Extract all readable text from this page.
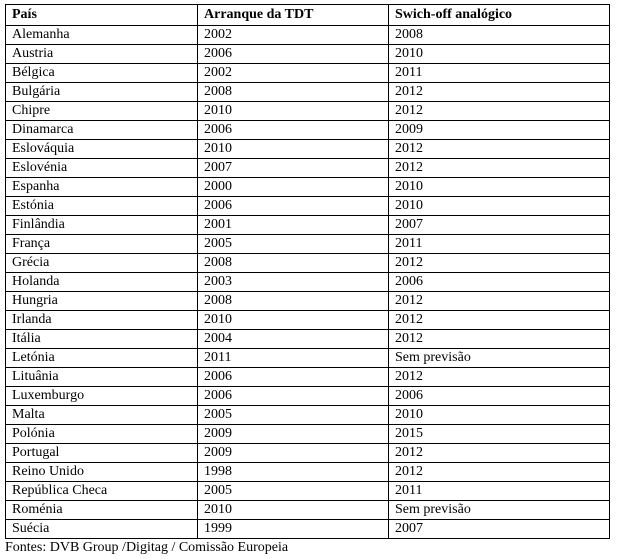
País	Arranque da TDT	Swich-off analógico
Alemanha	2002	2008
Austria	2006	2010
Bélgica	2002	2011
Bulgária	2008	2012
Chipre	2010	2012
Dinamarca	2006	2009
Eslováquia	2010	2012
Eslovénia	2007	2012
Espanha	2000	2010
Estónia	2006	2010
Finlândia	2001	2007
França	2005	2011
Grécia	2008	2012
Holanda	2003	2006
Hungria	2008	2012
Irlanda	2010	2012
Itália	2004	2012
Letónia	2011	Sem previsão
Lituânia	2006	2012
Luxemburgo	2006	2006
Malta	2005	2010
Polónia	2009	2015
Portugal	2009	2012
Reino Unido	1998	2012
República Checa	2005	2011
Roménia	2010	Sem previsão
Suécia	1999	2007
Fontes: DVB Group /Digitag / Comissão Europeia
